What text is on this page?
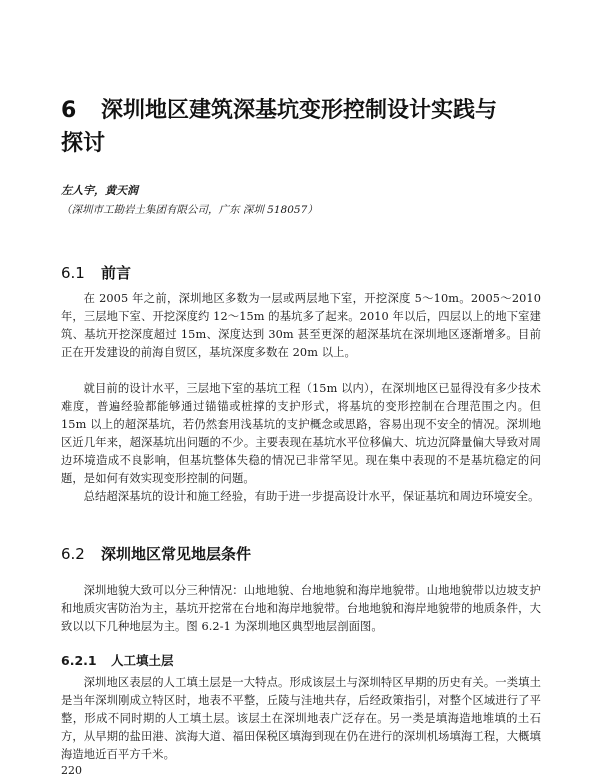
6 深圳地区建筑深基坑变形控制设计实践与
探讨
左人宇，黄天润
（深圳市工勘岩土集团有限公司，广东 深圳 518057）
6.1 前言

在 2005 年之前，深圳地区多数为一层或两层地下室，开挖深度 5～10m。2005～2010 年，三层地下室、开挖深度约 12～15m 的基坑多了起来。2010 年以后，四层以上的地下室建筑、基坑开挖深度超过 15m、深度达到 30m 甚至更深的超深基坑在深圳地区逐渐增多。目前正在开发建设的前海自贸区，基坑深度多数在 20m 以上。

就目前的设计水平，三层地下室的基坑工程（15m 以内），在深圳地区已显得没有多少技术难度，普遍经验都能够通过锚锚或桩撑的支护形式，将基坑的变形控制在合理范围之内。但 15m 以上的超深基坑，若仍然套用浅基坑的支护概念或思路，容易出现不安全的情况。深圳地区近几年来，超深基坑出问题的不少。主要表现在基坑水平位移偏大、坑边沉降量偏大导致对周边环境造成不良影响，但基坑整体失稳的情况已非常罕见。现在集中表现的不是基坑稳定的问题，是如何有效实现变形控制的问题。

总结超深基坑的设计和施工经验，有助于进一步提高设计水平，保证基坑和周边环境安全。

6.2 深圳地区常见地层条件

深圳地貌大致可以分三种情况：山地地貌、台地地貌和海岸地貌带。山地地貌带以边坡支护和地质灾害防治为主，基坑开挖常在台地和海岸地貌带。台地地貌和海岸地貌带的地质条件，大致以以下几种地层为主。图 6.2-1 为深圳地区典型地层剖面图。

6.2.1 人工填土层

深圳地区表层的人工填土层是一大特点。形成该层土与深圳特区早期的历史有关。一类填土是当年深圳刚成立特区时，地表不平整，丘陵与洼地共存，后经政策指引，对整个区域进行了平整，形成不同时期的人工填土层。该层土在深圳地表广泛存在。另一类是填海造地堆填的土石方，从早期的盐田港、滨海大道、福田保税区填海到现在仍在进行的深圳机场填海工程，大概填海造地近百平方千米。

220
